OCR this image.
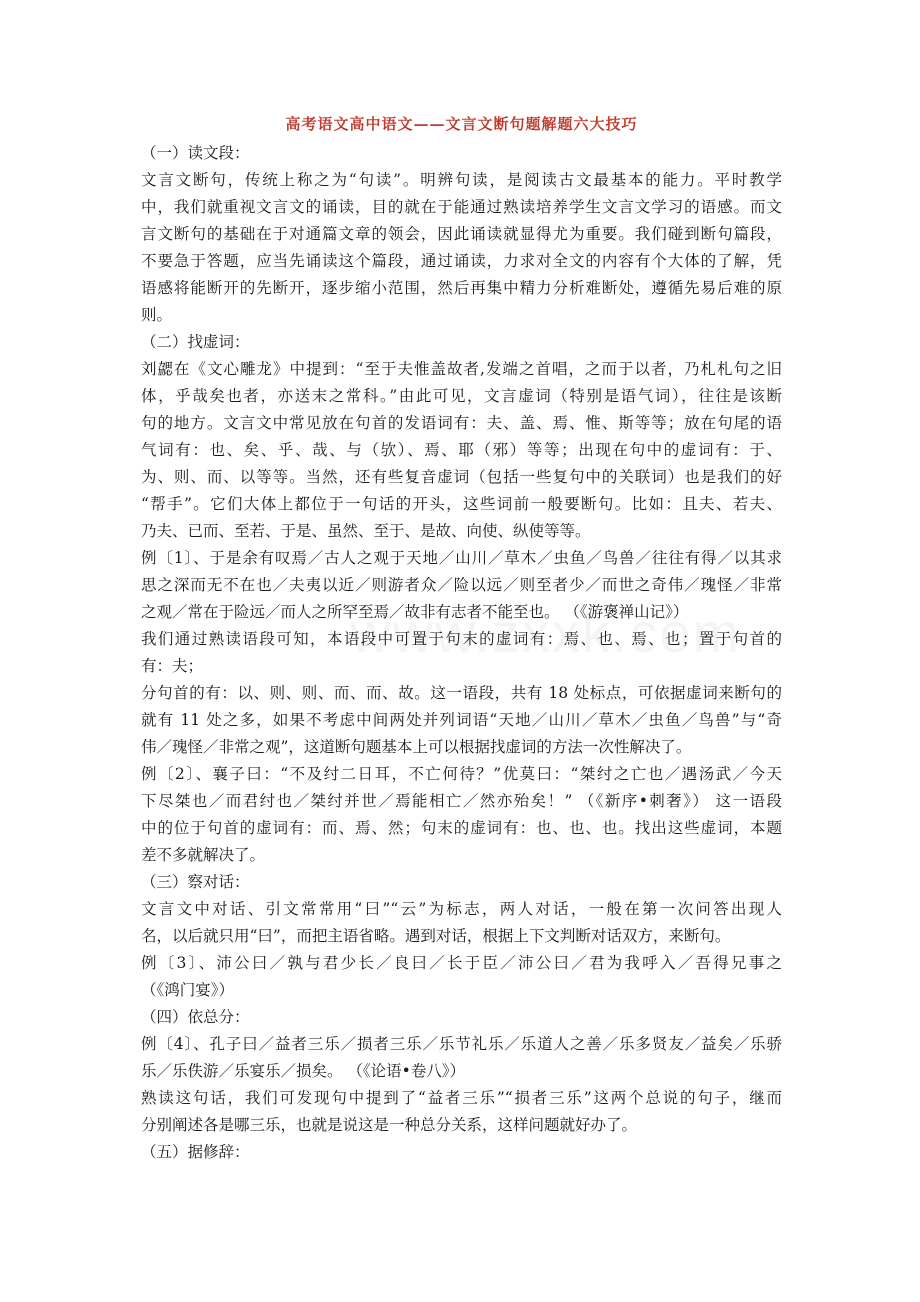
高考语文高中语文——文言文断句题解题六大技巧
（一）读文段：
文言文断句，传统上称之为“句读”。明辨句读，是阅读古文最基本的能力。平时教学
中，我们就重视文言文的诵读，目的就在于能通过熟读培养学生文言文学习的语感。而文
言文断句的基础在于对通篇文章的领会，因此诵读就显得尤为重要。我们碰到断句篇段，
不要急于答题，应当先诵读这个篇段，通过诵读，力求对全文的内容有个大体的了解，凭
语感将能断开的先断开，逐步缩小范围，然后再集中精力分析难断处，遵循先易后难的原
则。
（二）找虚词：
刘勰在《文心雕龙》中提到：“至于夫惟盖故者,发端之首唱，之而于以者，乃札札句之旧
体，乎哉矣也者，亦送末之常科。”由此可见，文言虚词（特别是语气词），往往是该断
句的地方。文言文中常见放在句首的发语词有：夫、盖、焉、惟、斯等等；放在句尾的语
气词有：也、矣、乎、哉、与（欤）、焉、耶（邪）等等；出现在句中的虚词有：于、
为、则、而、以等等。当然，还有些复音虚词（包括一些复句中的关联词）也是我们的好
“帮手”。它们大体上都位于一句话的开头，这些词前一般要断句。比如：且夫、若夫、
乃夫、已而、至若、于是、虽然、至于、是故、向使、纵使等等。
例〔1〕、于是余有叹焉／古人之观于天地／山川／草木／虫鱼／鸟兽／往往有得／以其求
思之深而无不在也／夫夷以近／则游者众／险以远／则至者少／而世之奇伟／瑰怪／非常
之观／常在于险远／而人之所罕至焉／故非有志者不能至也。 （《游褒禅山记》）
我们通过熟读语段可知，本语段中可置于句末的虚词有：焉、也、焉、也；置于句首的
有：夫；
分句首的有：以、则、则、而、而、故。这一语段，共有 18 处标点，可依据虚词来断句的
就有 11 处之多，如果不考虑中间两处并列词语“天地／山川／草木／虫鱼／鸟兽”与“奇
伟／瑰怪／非常之观”，这道断句题基本上可以根据找虚词的方法一次性解决了。
例〔2〕、襄子曰：“不及纣二日耳，不亡何待？”优莫曰：“桀纣之亡也／遇汤武／今天
下尽桀也／而君纣也／桀纣并世／焉能相亡／然亦殆矣！” （《新序•刺奢》） 这一语段
中的位于句首的虚词有：而、焉、然；句末的虚词有：也、也、也。找出这些虚词，本题
差不多就解决了。
（三）察对话：
文言文中对话、引文常常用“曰”“云”为标志，两人对话，一般在第一次问答出现人
名，以后就只用“曰”，而把主语省略。遇到对话，根据上下文判断对话双方，来断句。
例〔3〕、沛公曰／孰与君少长／良曰／长于臣／沛公曰／君为我呼入／吾得兄事之
（《鸿门宴》）
（四）依总分：
例〔4〕、孔子曰／益者三乐／损者三乐／乐节礼乐／乐道人之善／乐多贤友／益矣／乐骄
乐／乐佚游／乐宴乐／损矣。 （《论语•卷八》）
熟读这句话，我们可发现句中提到了“益者三乐”“损者三乐”这两个总说的句子，继而
分别阐述各是哪三乐，也就是说这是一种总分关系，这样问题就好办了。
（五）据修辞：
